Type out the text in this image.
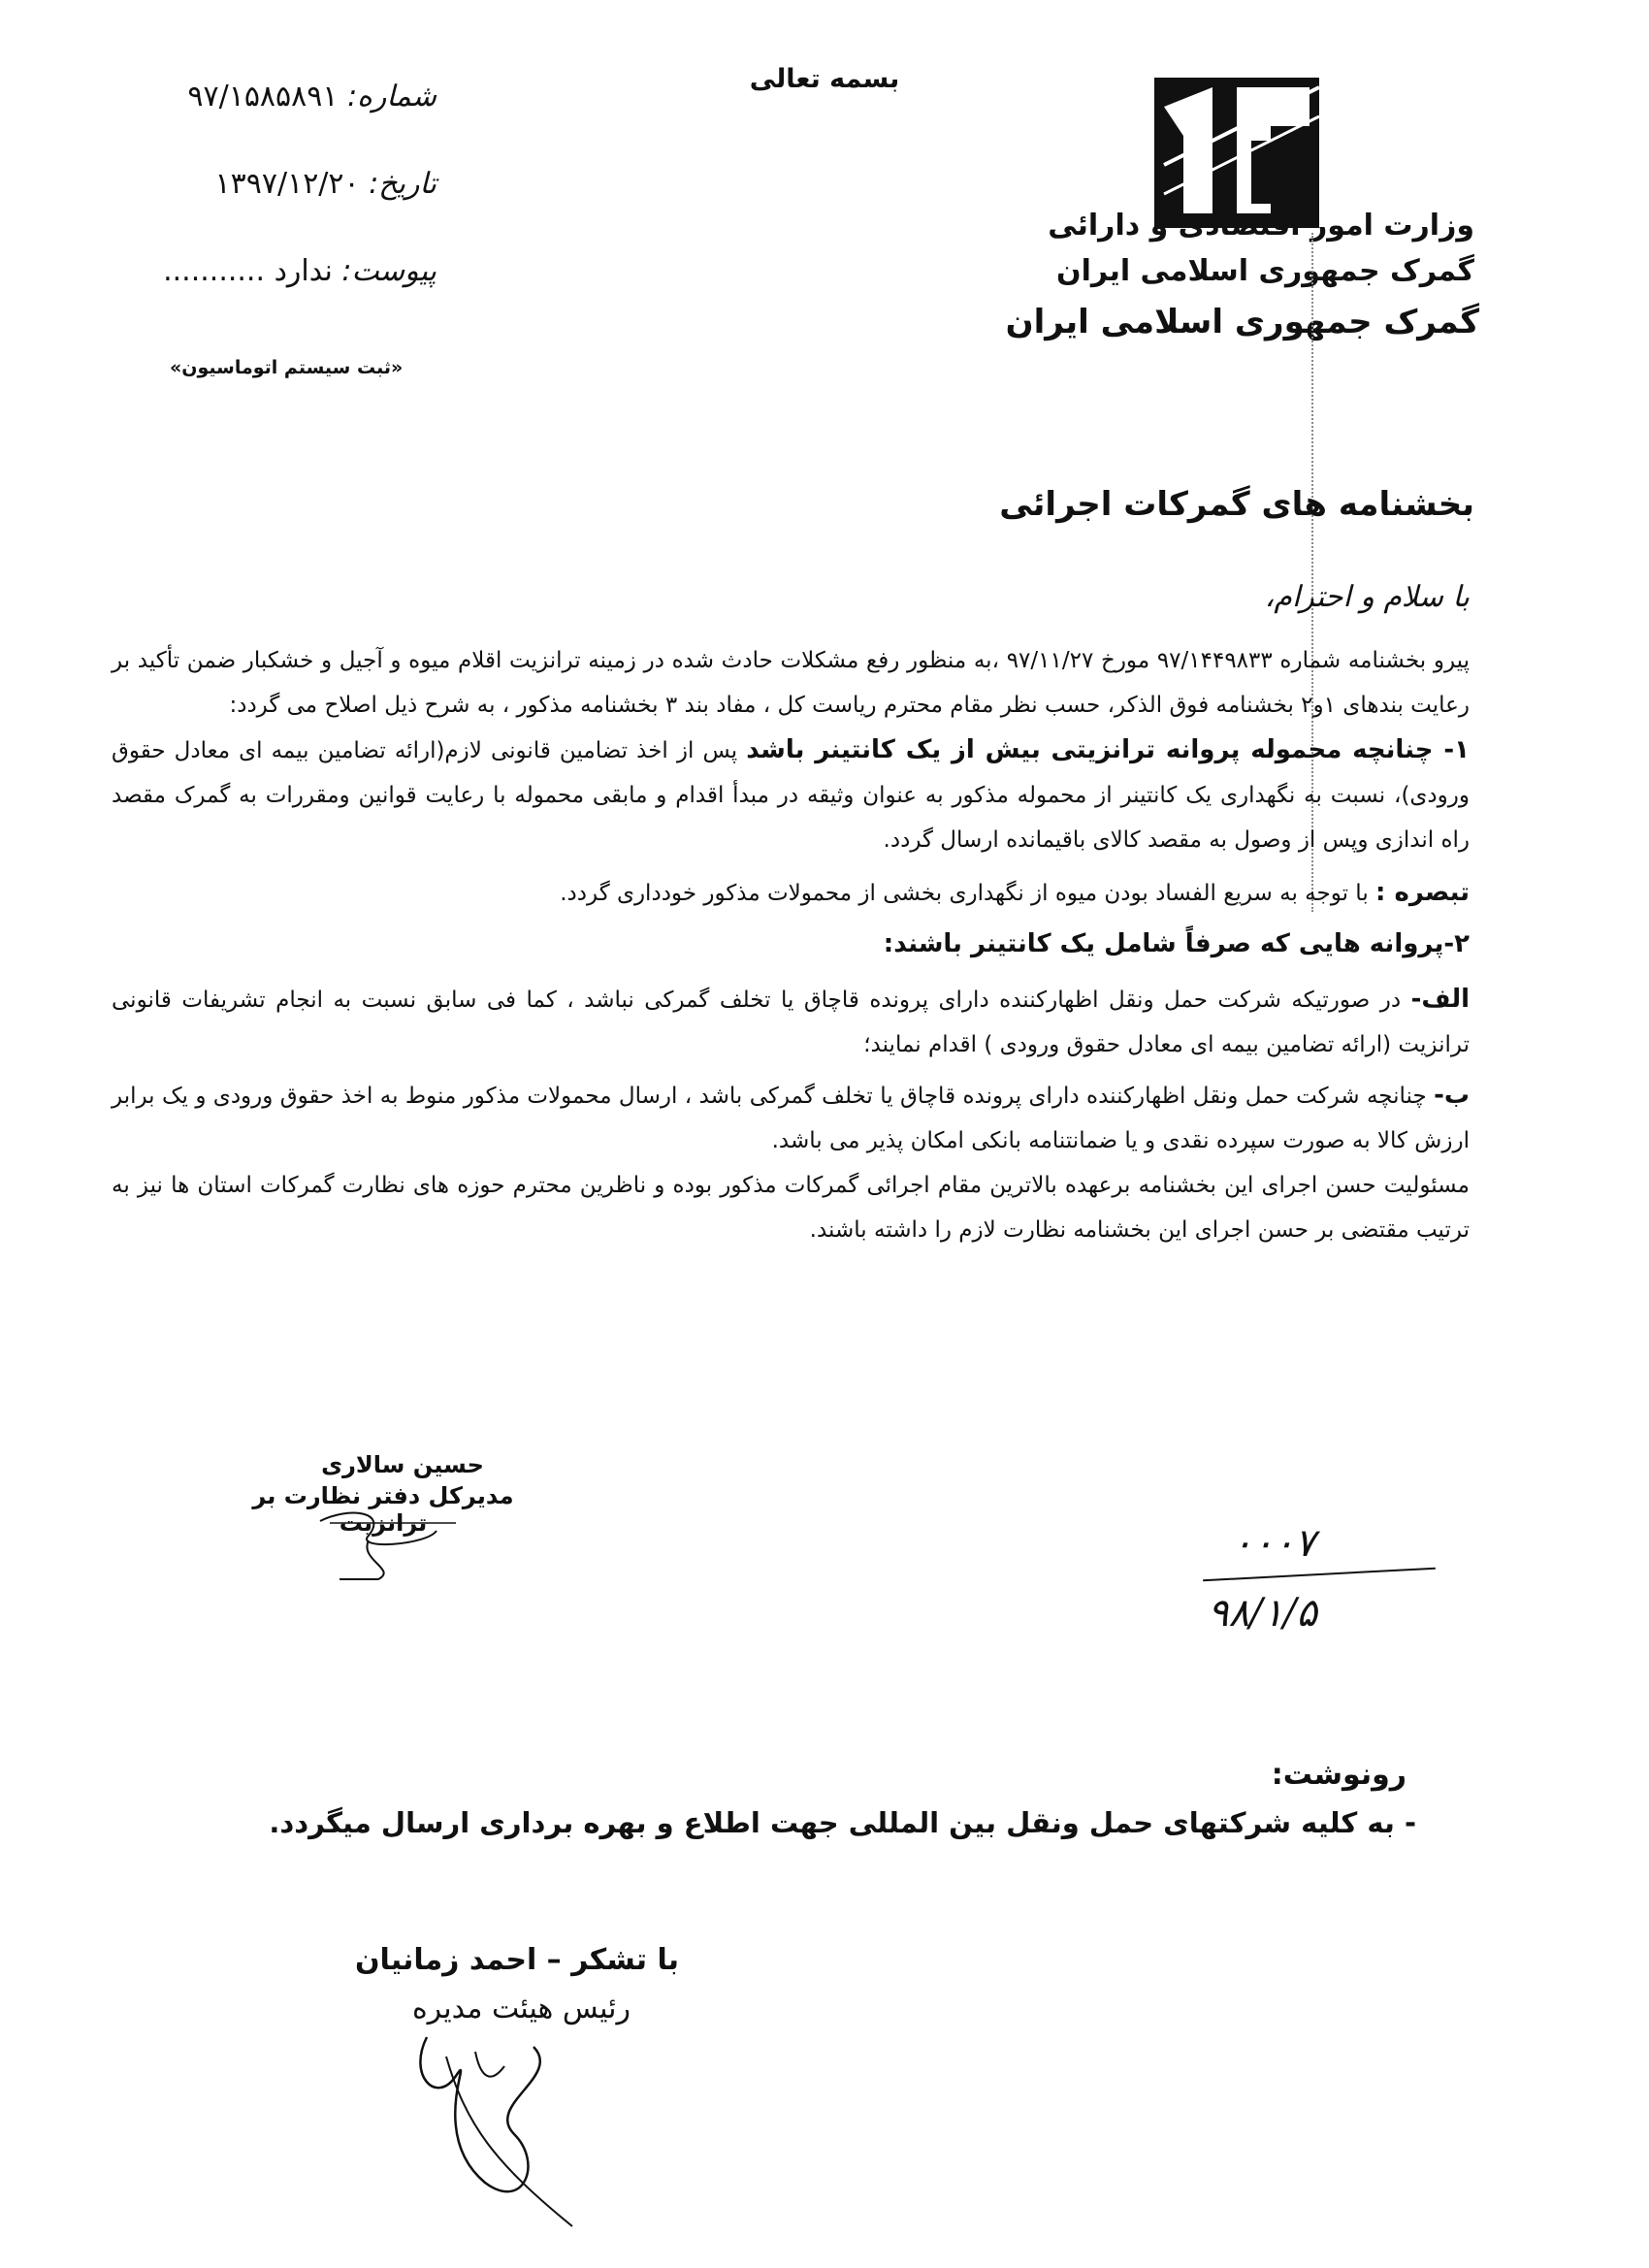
بسمه تعالی
وزارت امور اقتصادی و دارائی
گمرک جمهوری اسلامی ایران
گمرک جمهوری اسلامی ایران
شماره: ۹۷/۱۵۸۵۸۹۱
تاریخ: ۱۳۹۷/۱۲/۲۰
پیوست: ندارد ...........
«ثبت سیستم اتوماسیون»
بخشنامه های گمرکات اجرائی
با سلام و احترام،

پیرو بخشنامه شماره ۹۷/۱۴۴۹۸۳۳ مورخ ۹۷/۱۱/۲۷ ،به منظور رفع مشکلات حادث شده در زمینه ترانزیت اقلام میوه و آجیل و خشکبار ضمن تأکید بر رعایت بندهای ۱و۲ بخشنامه فوق الذکر، حسب نظر مقام محترم ریاست کل ، مفاد بند ۳ بخشنامه مذکور ، به شرح ذیل اصلاح می گردد:

۱- چنانچه محموله پروانه ترانزیتی بیش از یک کانتینر باشد پس از اخذ تضامین قانونی لازم(ارائه تضامین بیمه ای معادل حقوق ورودی)، نسبت به نگهداری یک کانتینر از محموله مذکور به عنوان وثیقه در مبدأ اقدام و مابقی محموله با رعایت قوانین ومقررات به گمرک مقصد راه اندازی وپس از وصول به مقصد کالای باقیمانده ارسال گردد.

تبصره : با توجه به سریع الفساد بودن میوه از نگهداری بخشی از محمولات مذکور خودداری گردد.

۲-پروانه هایی که صرفاً شامل یک کانتینر باشند:

الف- در صورتیکه شرکت حمل ونقل اظهارکننده دارای پرونده قاچاق یا تخلف گمرکی نباشد ، کما فی سابق نسبت به انجام تشریفات قانونی ترانزیت (ارائه تضامین بیمه ای معادل حقوق ورودی ) اقدام نمایند؛

ب- چنانچه شرکت حمل ونقل اظهارکننده دارای پرونده قاچاق یا تخلف گمرکی باشد ، ارسال محمولات مذکور منوط به اخذ حقوق ورودی و یک برابر ارزش کالا به صورت سپرده نقدی و یا ضمانتنامه بانکی امکان پذیر می باشد.

مسئولیت حسن اجرای این بخشنامه برعهده بالاترین مقام اجرائی گمرکات مذکور بوده و ناظرین محترم حوزه های نظارت گمرکات استان ها نیز به ترتیب مقتضی بر حسن اجرای این بخشنامه نظارت لازم را داشته باشند.

حسین سالاری
مدیرکل دفتر نظارت بر ترانزیت	۰۰۰۷
۹۸/۱/۵
رونوشت:
- به کلیه شرکتهای حمل ونقل بین المللی جهت اطلاع و بهره برداری ارسال میگردد.
با تشکر – احمد زمانیان
رئیس هیئت مدیره
